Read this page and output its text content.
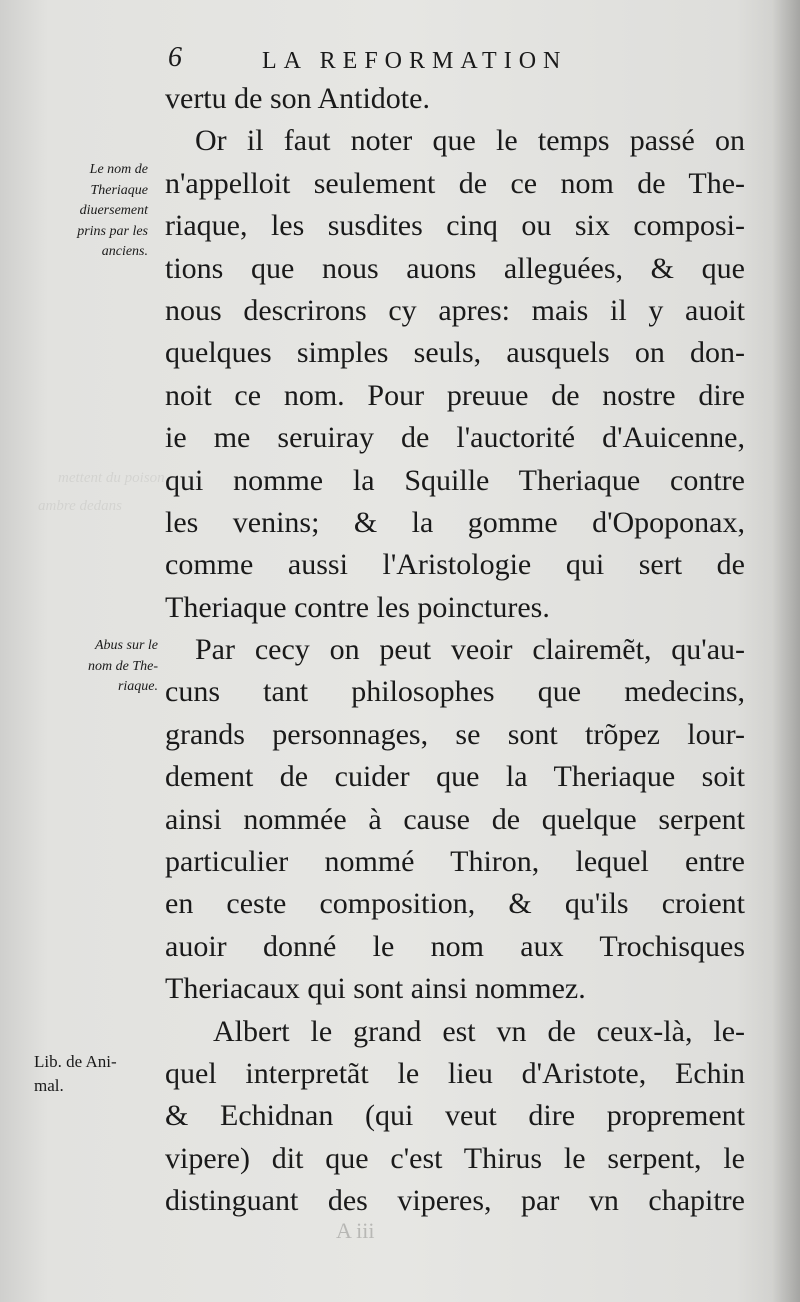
mettent du poison
ambre dedans
6	LA REFORMATION
Le nom de
Theriaque
diuersement
prins par les
anciens.
Abus sur le
nom de The-
riaque.
Lib. de Ani-
mal.
vertu de son Antidote.
Or il faut noter que le temps passé on
n'appelloit seulement de ce nom de The-
riaque, les susdites cinq ou six composi-
tions que nous auons alleguées, & que
nous descrirons cy apres: mais il y auoit
quelques simples seuls, ausquels on don-
noit ce nom. Pour preuue de nostre dire
ie me seruiray de l'auctorité d'Auicenne,
qui nomme la Squille Theriaque contre
les venins; & la gomme d'Opoponax,
comme aussi l'Aristologie qui sert de
Theriaque contre les poinctures.
Par cecy on peut veoir clairemẽt, qu'au-
cuns tant philosophes que medecins,
grands personnages, se sont trõpez lour-
dement de cuider que la Theriaque soit
ainsi nommée à cause de quelque serpent
particulier nommé Thiron, lequel entre
en ceste composition, & qu'ils croient
auoir donné le nom aux Trochisques
Theriacaux qui sont ainsi nommez.
Albert le grand est vn de ceux-là, le-
quel interpretãt le lieu d'Aristote, Echin
& Echidnan (qui veut dire proprement
vipere) dit que c'est Thirus le serpent, le
distinguant des viperes, par vn chapitre
A iii
